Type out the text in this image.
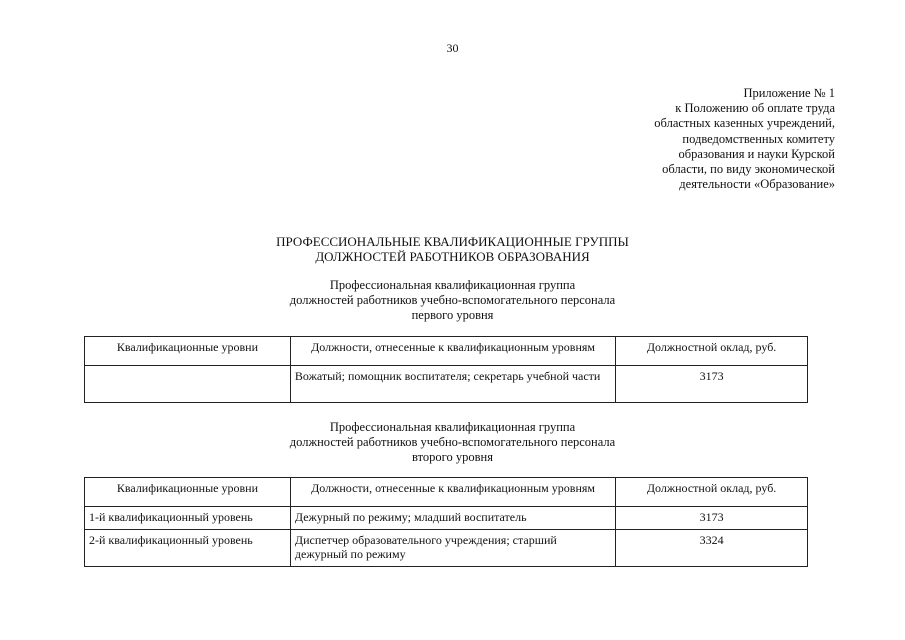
30
Приложение № 1
к Положению об оплате труда
областных казенных учреждений,
подведомственных комитету
образования и науки Курской
области, по виду экономической
деятельности «Образование»
ПРОФЕССИОНАЛЬНЫЕ КВАЛИФИКАЦИОННЫЕ ГРУППЫ
ДОЛЖНОСТЕЙ РАБОТНИКОВ ОБРАЗОВАНИЯ
Профессиональная квалификационная группа
должностей работников учебно-вспомогательного персонала
первого уровня
Квалификационные уровни	Должности, отнесенные к квалификационным уровням	Должностной оклад, руб.
	Вожатый; помощник воспитателя; секретарь учебной части	3173
Профессиональная квалификационная группа
должностей работников учебно-вспомогательного персонала
второго уровня
Квалификационные уровни	Должности, отнесенные к квалификационным уровням	Должностной оклад, руб.
1-й квалификационный уровень	Дежурный по режиму; младший воспитатель	3173
2-й квалификационный уровень	Диспетчер образовательного учреждения; старший дежурный по режиму	3324
